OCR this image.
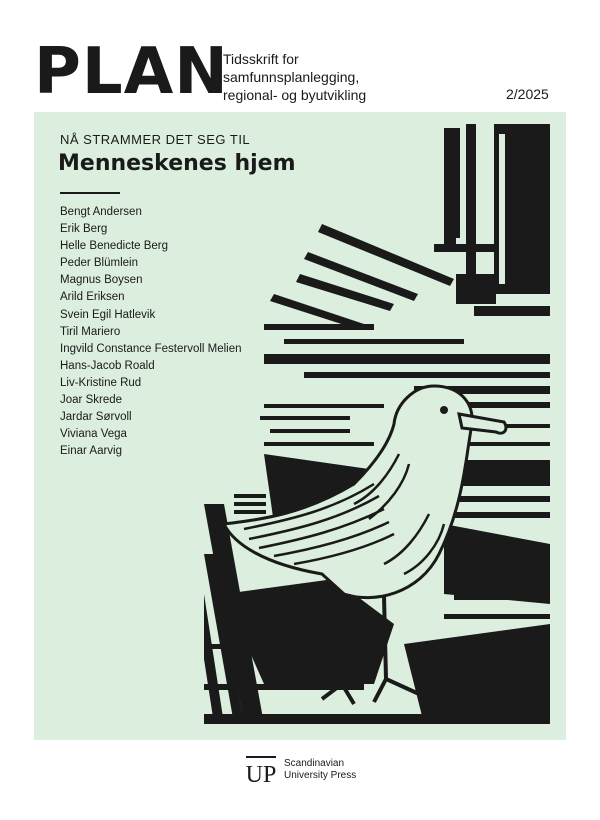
PLAN
Tidsskrift for
samfunnsplanlegging,
regional- og byutvikling	2/2025
NÅ STRAMMER DET SEG TIL
Menneskenes hjem
Bengt Andersen
Erik Berg
Helle Benedicte Berg
Peder Blümlein
Magnus Boysen
Arild Eriksen
Svein Egil Hatlevik
Tiril Mariero
Ingvild Constance Festervoll Melien
Hans-Jacob Roald
Liv-Kristine Rud
Joar Skrede
Jardar Sørvoll
Viviana Vega
Einar Aarvig
UP Scandinavian
University Press
